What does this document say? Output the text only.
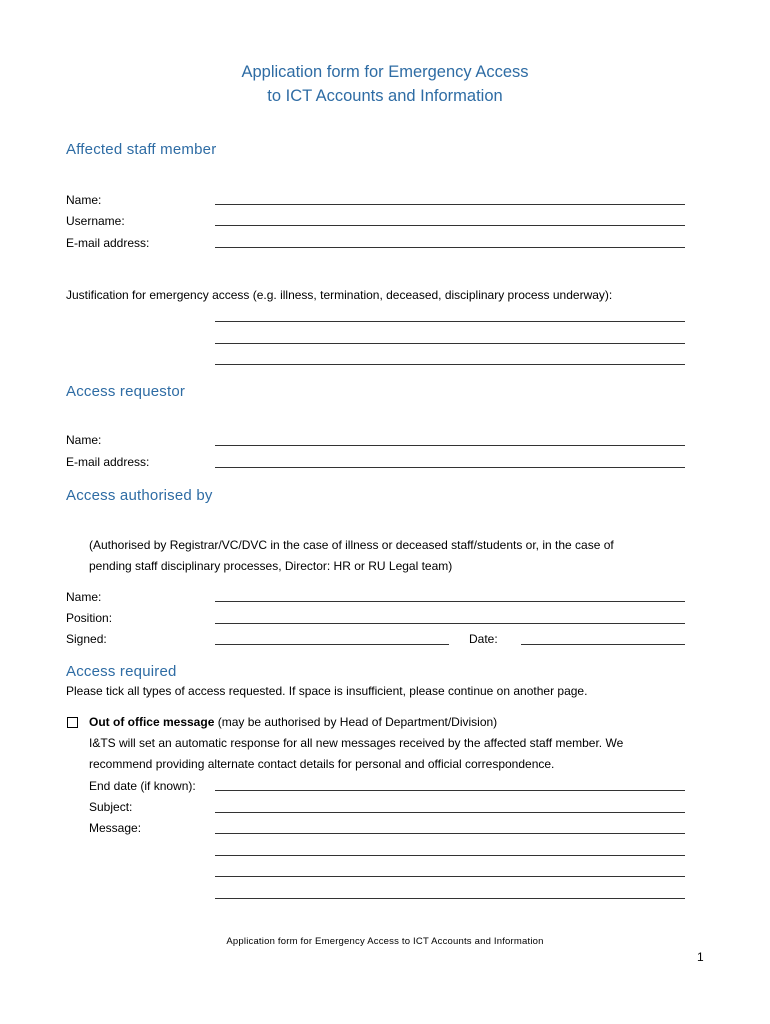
Application form for Emergency Access
to ICT Accounts and Information
Affected staff member
Name:
Username:
E-mail address:
Justification for emergency access (e.g. illness, termination, deceased, disciplinary process underway):
Access requestor
Name:
E-mail address:
Access authorised by
(Authorised by Registrar/VC/DVC in the case of illness or deceased staff/students or, in the case of
pending staff disciplinary processes, Director: HR or RU Legal team)
Name:
Position:
Signed:	Date:
Access required
Please tick all types of access requested. If space is insufficient, please continue on another page.
Out of office message (may be authorised by Head of Department/Division)
I&TS will set an automatic response for all new messages received by the affected staff member. We
recommend providing alternate contact details for personal and official correspondence.
End date (if known):
Subject:
Message:
Application form for Emergency Access to ICT Accounts and Information
1
